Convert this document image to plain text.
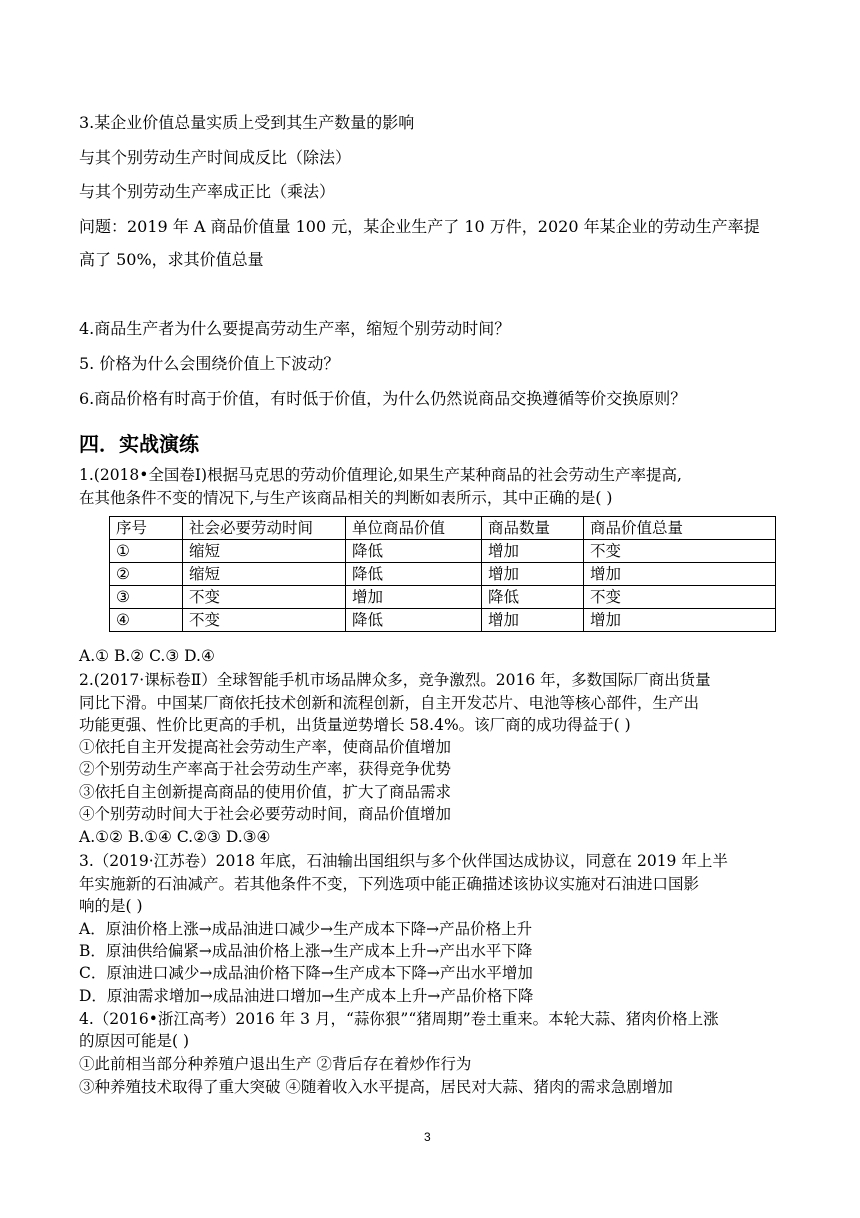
3.某企业价值总量实质上受到其生产数量的影响
与其个别劳动生产时间成反比（除法）
与其个别劳动生产率成正比（乘法）
问题：2019 年 A 商品价值量 100 元，某企业生产了 10 万件，2020 年某企业的劳动生产率提
高了 50%，求其价值总量
4.商品生产者为什么要提高劳动生产率，缩短个别劳动时间？
5. 价格为什么会围绕价值上下波动？
6.商品价格有时高于价值，有时低于价值，为什么仍然说商品交换遵循等价交换原则？
四．实战演练
1.(2018•全国卷Ⅰ)根据马克思的劳动价值理论,如果生产某种商品的社会劳动生产率提高,
在其他条件不变的情况下,与生产该商品相关的判断如表所示，其中正确的是( )
序号	社会必要劳动时间	单位商品价值	商品数量	商品价值总量
①	缩短	降低	增加	不变
②	缩短	降低	增加	增加
③	不变	增加	降低	不变
④	不变	降低	增加	增加
A.① B.② C.③ D.④
2.(2017·课标卷Ⅱ）全球智能手机市场品牌众多，竞争激烈。2016 年，多数国际厂商出货量
同比下滑。中国某厂商依托技术创新和流程创新，自主开发芯片、电池等核心部件，生产出
功能更强、性价比更高的手机，出货量逆势增长 58.4%。该厂商的成功得益于( )
①依托自主开发提高社会劳动生产率，使商品价值增加
②个别劳动生产率高于社会劳动生产率，获得竞争优势
③依托自主创新提高商品的使用价值，扩大了商品需求
④个别劳动时间大于社会必要劳动时间，商品价值增加
A.①② B.①④ C.②③ D.③④
3.（2019·江苏卷）2018 年底，石油输出国组织与多个伙伴国达成协议，同意在 2019 年上半
年实施新的石油减产。若其他条件不变，下列选项中能正确描述该协议实施对石油进口国影
响的是( )
A．原油价格上涨→成品油进口减少→生产成本下降→产品价格上升
B．原油供给偏紧→成品油价格上涨→生产成本上升→产出水平下降
C．原油进口减少→成品油价格下降→生产成本下降→产出水平增加
D．原油需求增加→成品油进口增加→生产成本上升→产品价格下降
4.（2016•浙江高考）2016 年 3 月，“蒜你狠”“猪周期”卷土重来。本轮大蒜、猪肉价格上涨
的原因可能是( )
①此前相当部分种养殖户退出生产 ②背后存在着炒作行为
③种养殖技术取得了重大突破 ④随着收入水平提高，居民对大蒜、猪肉的需求急剧增加
3
